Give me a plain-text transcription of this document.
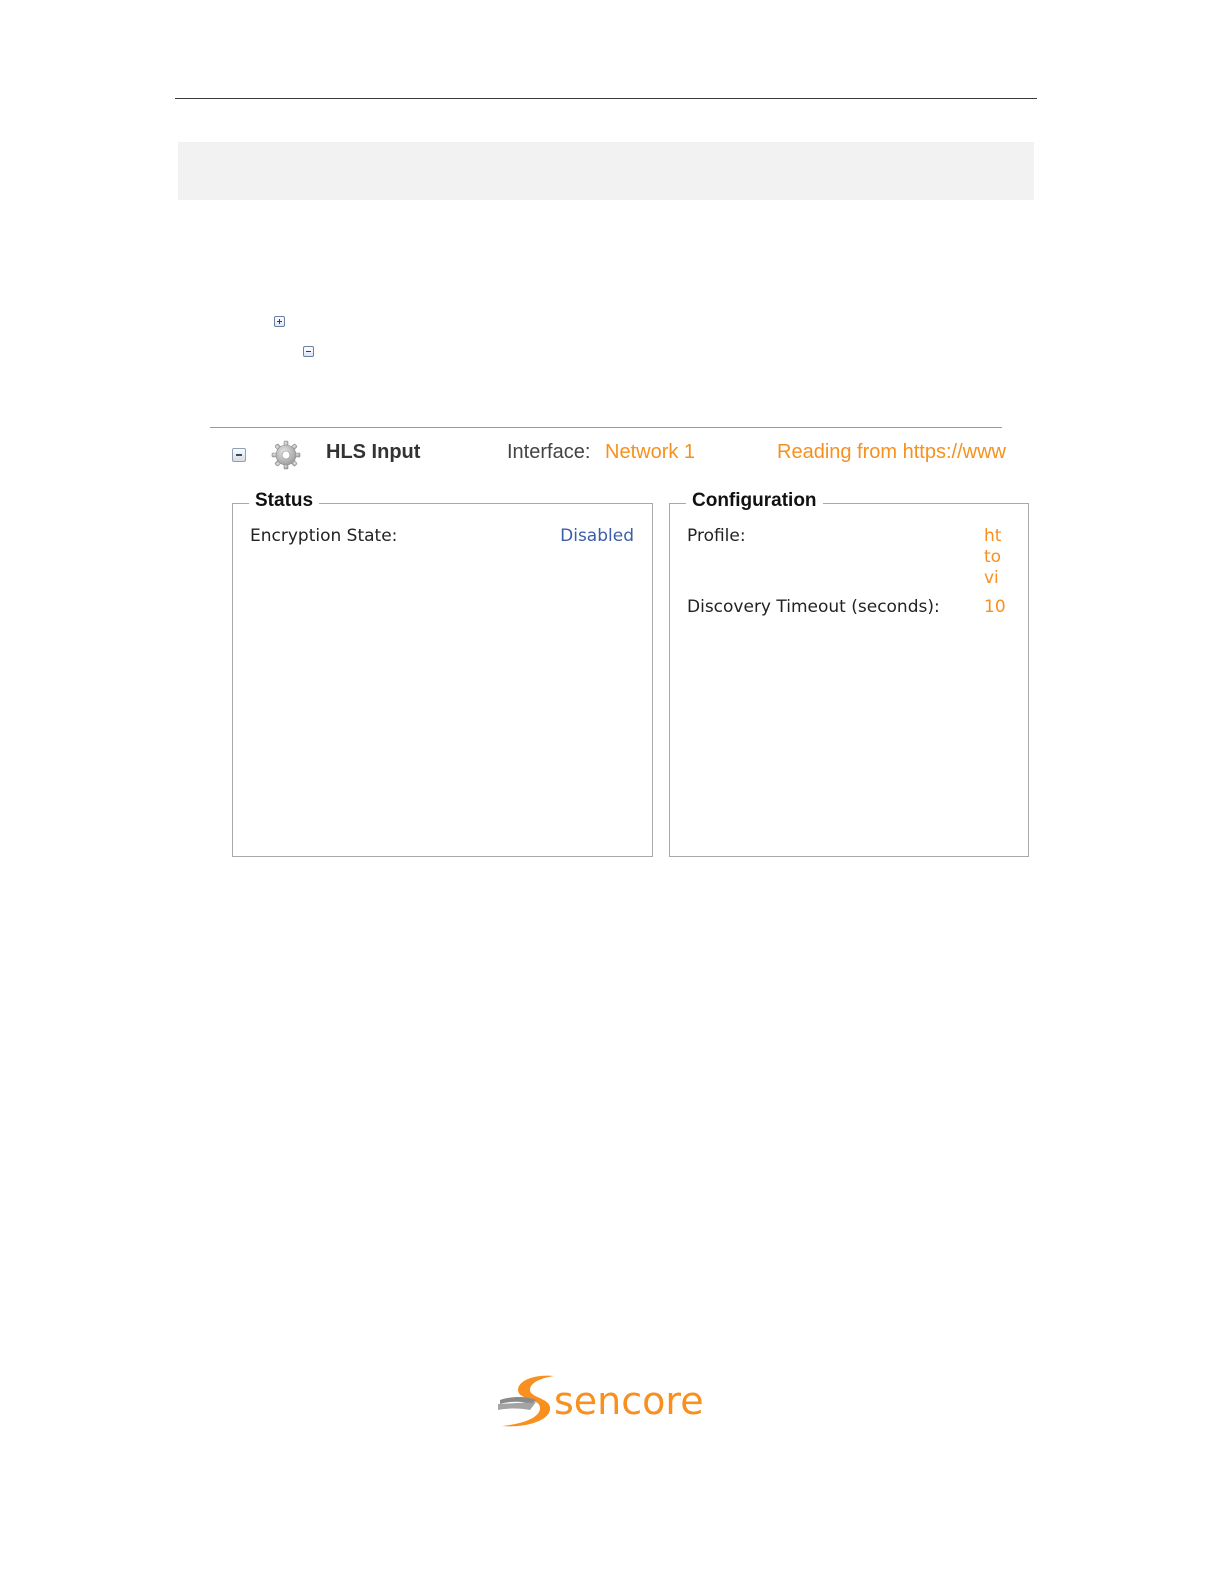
HLS Input	Interface: Network 1	Reading from https://www
Status
Encryption State:	Disabled
Configuration
Profile:	ht
to
vi
Discovery Timeout (seconds):	10
sencore
